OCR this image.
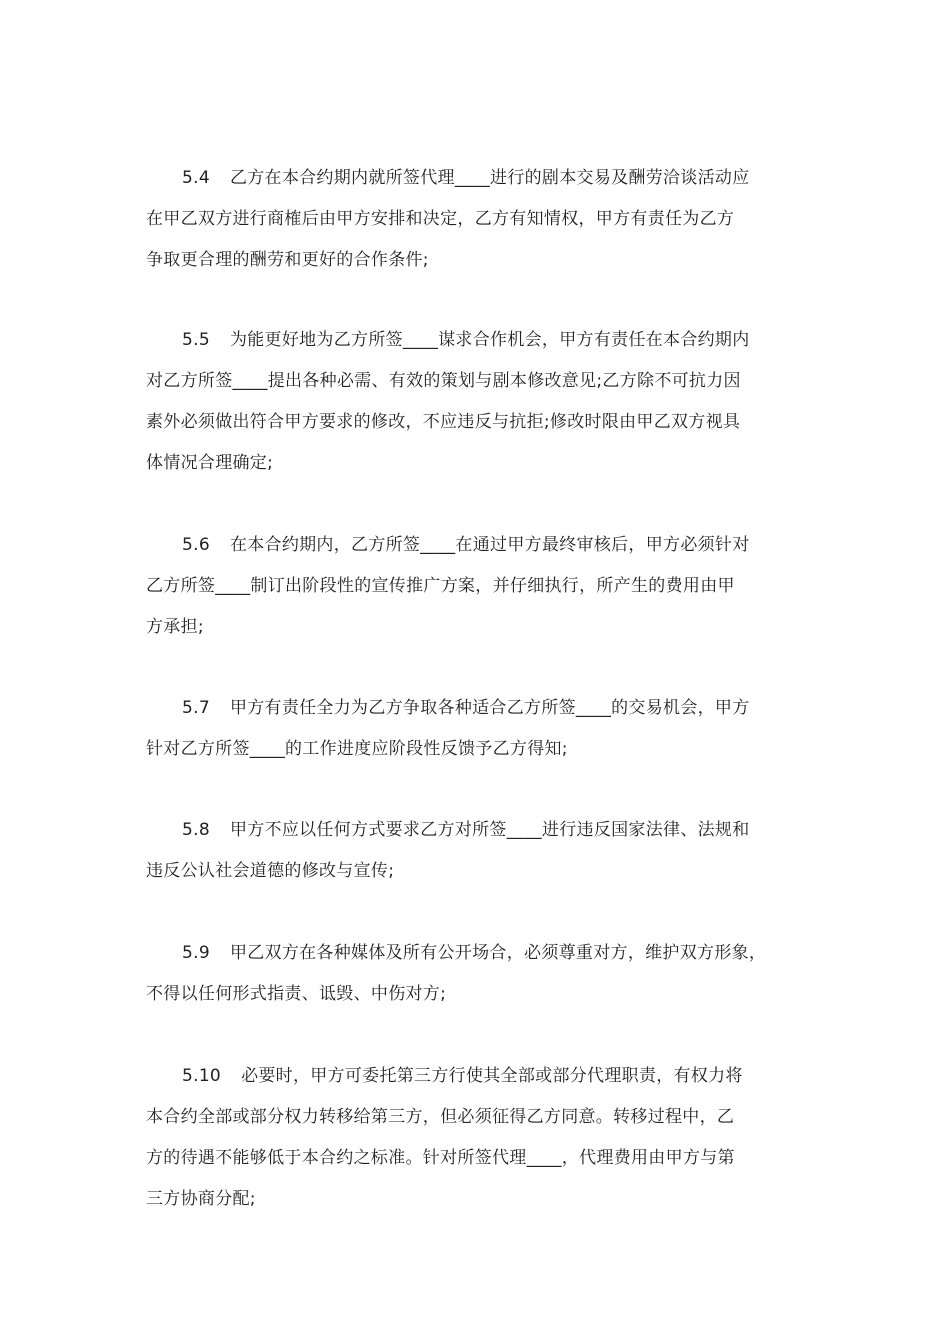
5.4 乙方在本合约期内就所签代理____进行的剧本交易及酬劳洽谈活动应
在甲乙双方进行商榷后由甲方安排和决定，乙方有知情权，甲方有责任为乙方
争取更合理的酬劳和更好的合作条件;
5.5 为能更好地为乙方所签____谋求合作机会，甲方有责任在本合约期内
对乙方所签____提出各种必需、有效的策划与剧本修改意见;乙方除不可抗力因
素外必须做出符合甲方要求的修改，不应违反与抗拒;修改时限由甲乙双方视具
体情况合理确定;
5.6 在本合约期内，乙方所签____在通过甲方最终审核后，甲方必须针对
乙方所签____制订出阶段性的宣传推广方案，并仔细执行，所产生的费用由甲
方承担;
5.7 甲方有责任全力为乙方争取各种适合乙方所签____的交易机会，甲方
针对乙方所签____的工作进度应阶段性反馈予乙方得知;
5.8 甲方不应以任何方式要求乙方对所签____进行违反国家法律、法规和
违反公认社会道德的修改与宣传;
5.9 甲乙双方在各种媒体及所有公开场合，必须尊重对方，维护双方形象，
不得以任何形式指责、诋毁、中伤对方;
5.10 必要时，甲方可委托第三方行使其全部或部分代理职责，有权力将
本合约全部或部分权力转移给第三方，但必须征得乙方同意。转移过程中，乙
方的待遇不能够低于本合约之标准。针对所签代理____，代理费用由甲方与第
三方协商分配;
